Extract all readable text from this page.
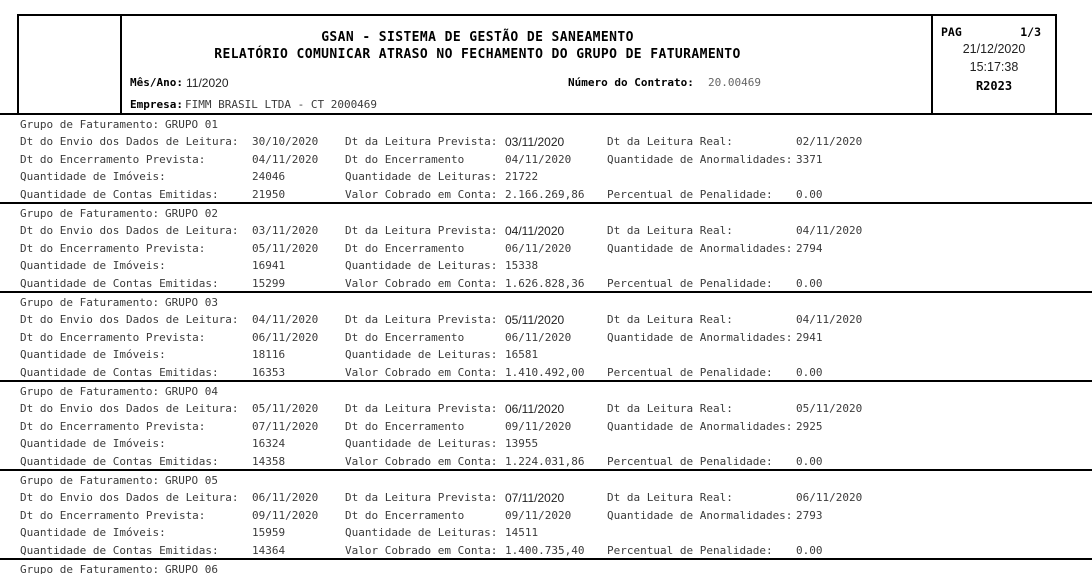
GSAN - SISTEMA DE GESTÃO DE SANEAMENTO
RELATÓRIO COMUNICAR ATRASO NO FECHAMENTO DO GRUPO DE FATURAMENTO
Mês/Ano: 11/2020	Número do Contrato: 20.00469
Empresa: FIMM BRASIL LTDA - CT 2000469
PAG	1/3
21/12/2020
15:17:38
R2023
Grupo de Faturamento: GRUPO 01
Dt do Envio dos Dados de Leitura: 30/10/2020 Dt da Leitura Prevista: 03/11/2020	Dt da Leitura Real:	02/11/2020
Dt do Encerramento Prevista:	04/11/2020 Dt do Encerramento	04/11/2020	Quantidade de Anormalidades: 3371
Quantidade de Imóveis:	24046	Quantidade de Leituras: 21722
Quantidade de Contas Emitidas:	21950	Valor Cobrado em Conta: 2.166.269,86 Percentual de Penalidade: 0.00
Grupo de Faturamento: GRUPO 02
Dt do Envio dos Dados de Leitura: 03/11/2020 Dt da Leitura Prevista: 04/11/2020	Dt da Leitura Real:	04/11/2020
Dt do Encerramento Prevista:	05/11/2020 Dt do Encerramento	06/11/2020	Quantidade de Anormalidades: 2794
Quantidade de Imóveis:	16941	Quantidade de Leituras: 15338
Quantidade de Contas Emitidas:	15299	Valor Cobrado em Conta: 1.626.828,36 Percentual de Penalidade: 0.00
Grupo de Faturamento: GRUPO 03
Dt do Envio dos Dados de Leitura: 04/11/2020 Dt da Leitura Prevista: 05/11/2020	Dt da Leitura Real:	04/11/2020
Dt do Encerramento Prevista:	06/11/2020 Dt do Encerramento	06/11/2020	Quantidade de Anormalidades: 2941
Quantidade de Imóveis:	18116	Quantidade de Leituras: 16581
Quantidade de Contas Emitidas:	16353	Valor Cobrado em Conta: 1.410.492,00 Percentual de Penalidade: 0.00
Grupo de Faturamento: GRUPO 04
Dt do Envio dos Dados de Leitura: 05/11/2020 Dt da Leitura Prevista: 06/11/2020	Dt da Leitura Real:	05/11/2020
Dt do Encerramento Prevista:	07/11/2020 Dt do Encerramento	09/11/2020	Quantidade de Anormalidades: 2925
Quantidade de Imóveis:	16324	Quantidade de Leituras: 13955
Quantidade de Contas Emitidas:	14358	Valor Cobrado em Conta: 1.224.031,86 Percentual de Penalidade: 0.00
Grupo de Faturamento: GRUPO 05
Dt do Envio dos Dados de Leitura: 06/11/2020 Dt da Leitura Prevista: 07/11/2020	Dt da Leitura Real:	06/11/2020
Dt do Encerramento Prevista:	09/11/2020 Dt do Encerramento	09/11/2020	Quantidade de Anormalidades: 2793
Quantidade de Imóveis:	15959	Quantidade de Leituras: 14511
Quantidade de Contas Emitidas:	14364	Valor Cobrado em Conta: 1.400.735,40 Percentual de Penalidade: 0.00
Grupo de Faturamento: GRUPO 06
